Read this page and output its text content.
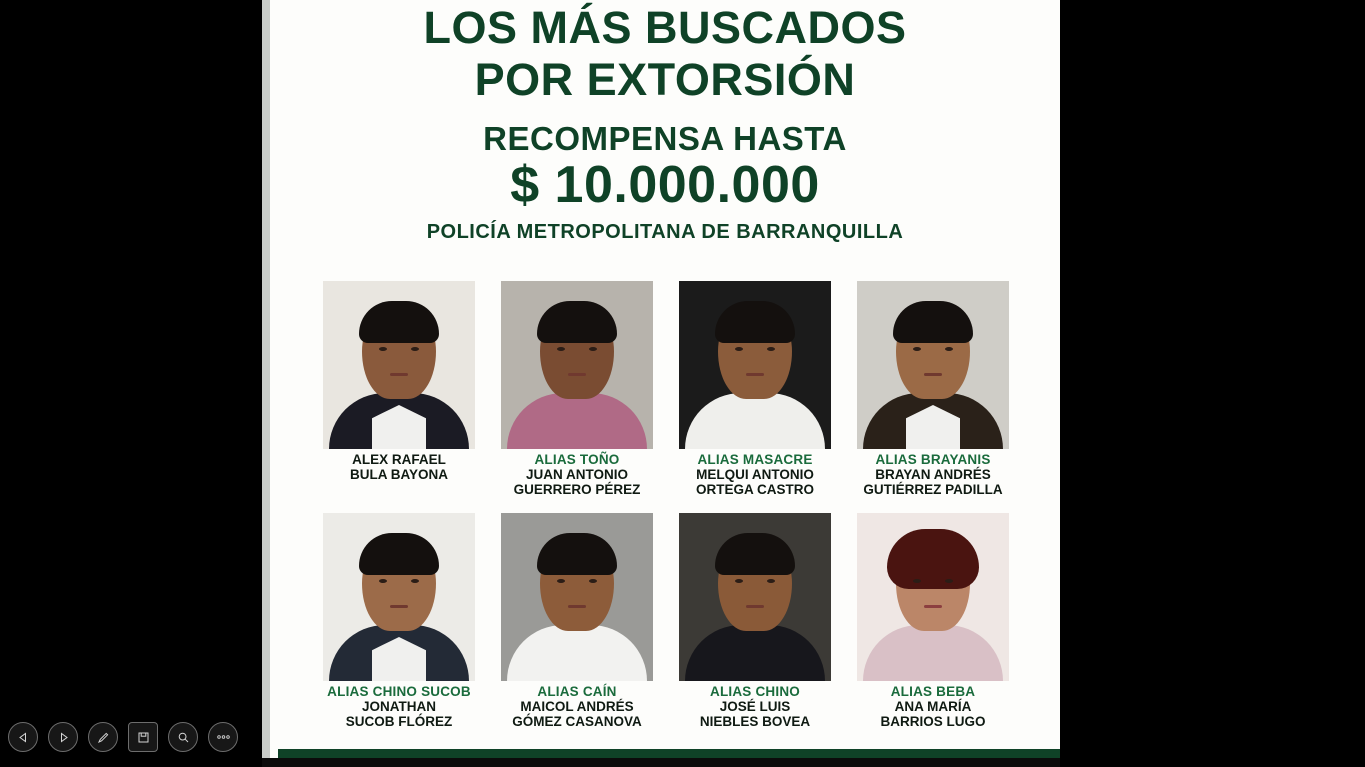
LOS MÁS BUSCADOS
POR EXTORSIÓN
RECOMPENSA HASTA
$ 10.000.000
POLICÍA METROPOLITANA DE BARRANQUILLA
ALEX RAFAEL
BULA BAYONA
ALIAS TOÑO
JUAN ANTONIO
GUERRERO PÉREZ
ALIAS MASACRE
MELQUI ANTONIO
ORTEGA CASTRO
ALIAS BRAYANIS
BRAYAN ANDRÉS
GUTIÉRREZ PADILLA
ALIAS CHINO SUCOB
JONATHAN
SUCOB FLÓREZ
ALIAS CAÍN
MAICOL ANDRÉS
GÓMEZ CASANOVA
ALIAS CHINO
JOSÉ LUIS
NIEBLES BOVEA
ALIAS BEBA
ANA MARÍA
BARRIOS LUGO
